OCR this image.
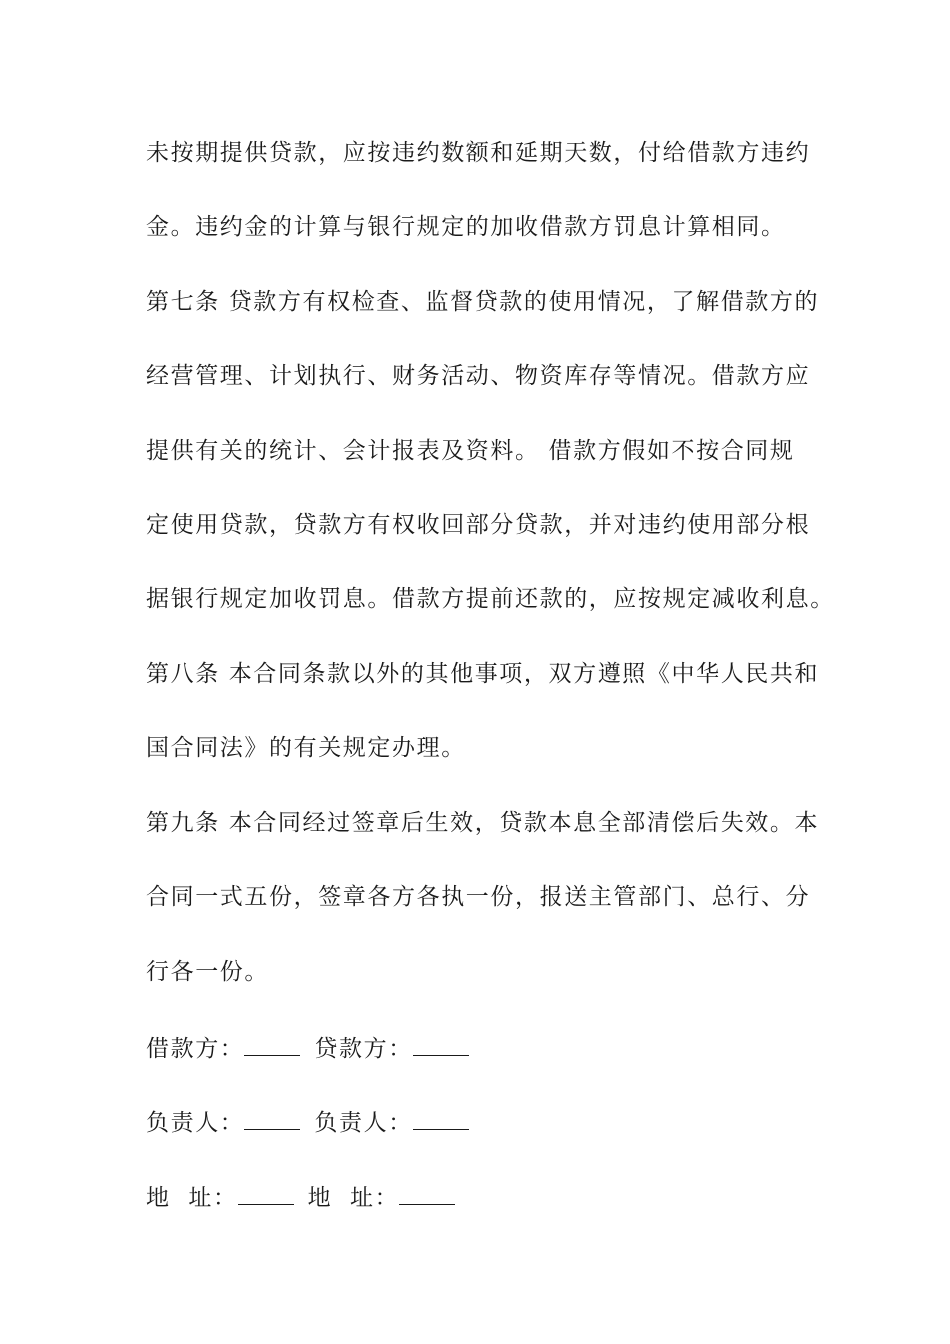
未按期提供贷款，应按违约数额和延期天数，付给借款方违约
金。违约金的计算与银行规定的加收借款方罚息计算相同。
第七条 贷款方有权检查、监督贷款的使用情况，了解借款方的
经营管理、计划执行、财务活动、物资库存等情况。借款方应
提供有关的统计、会计报表及资料。 借款方假如不按合同规
定使用贷款，贷款方有权收回部分贷款，并对违约使用部分根
据银行规定加收罚息。借款方提前还款的，应按规定减收利息。
第八条 本合同条款以外的其他事项，双方遵照《中华人民共和
国合同法》的有关规定办理。
第九条 本合同经过签章后生效，贷款本息全部清偿后失效。本
合同一式五份，签章各方各执一份，报送主管部门、总行、分
行各一份。
借款方：	贷款方：
负责人：	负责人：
地  址：	地  址：
